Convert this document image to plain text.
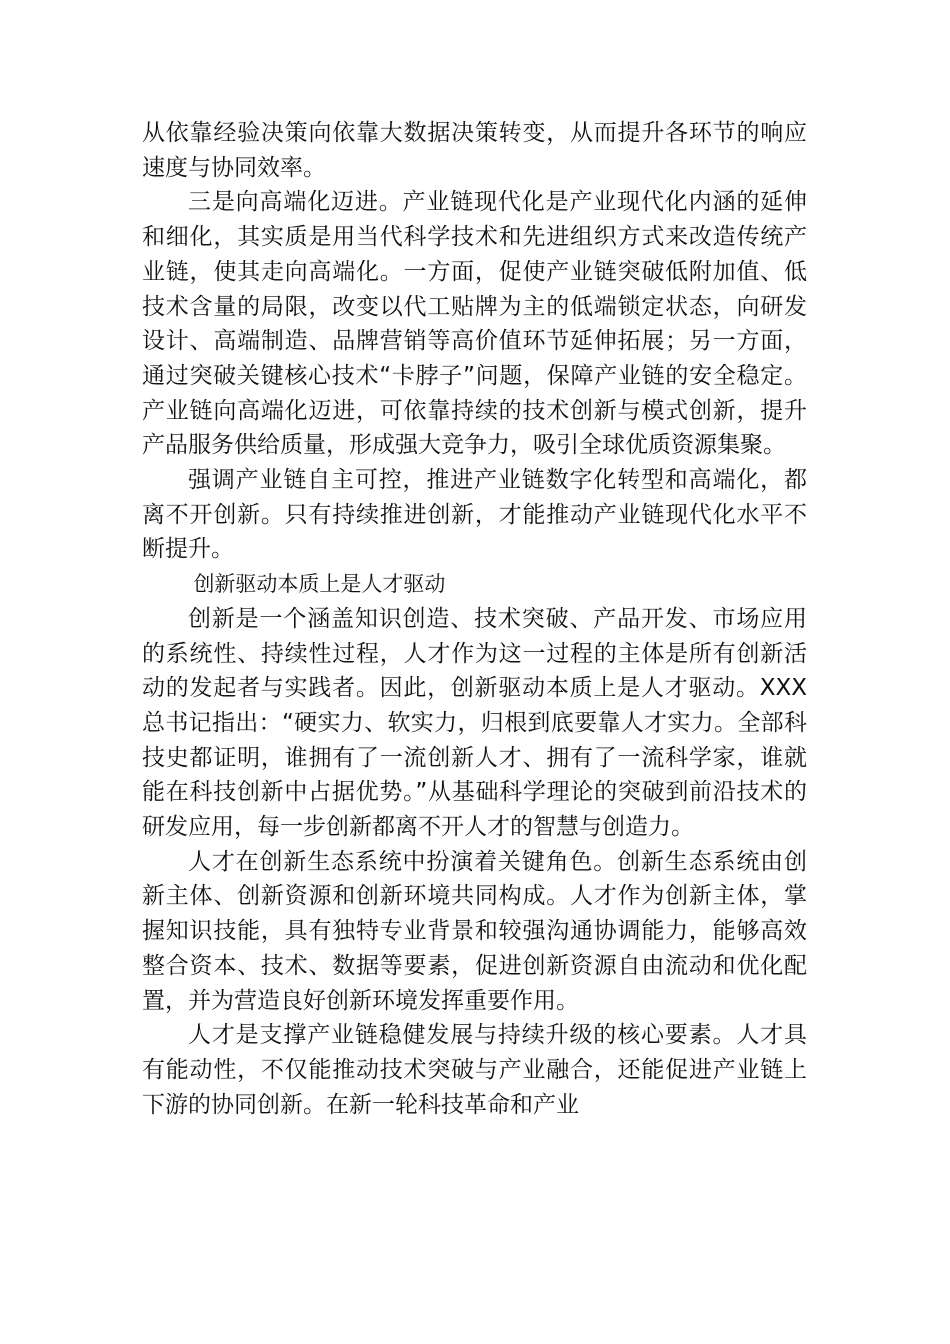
从依靠经验决策向依靠大数据决策转变，从而提升各环节的响应速度与协同效率。

三是向高端化迈进。产业链现代化是产业现代化内涵的延伸和细化，其实质是用当代科学技术和先进组织方式来改造传统产业链，使其走向高端化。一方面，促使产业链突破低附加值、低技术含量的局限，改变以代工贴牌为主的低端锁定状态，向研发设计、高端制造、品牌营销等高价值环节延伸拓展；另一方面，通过突破关键核心技术“卡脖子”问题，保障产业链的安全稳定。产业链向高端化迈进，可依靠持续的技术创新与模式创新，提升产品服务供给质量，形成强大竞争力，吸引全球优质资源集聚。

强调产业链自主可控，推进产业链数字化转型和高端化，都离不开创新。只有持续推进创新，才能推动产业链现代化水平不断提升。

创新驱动本质上是人才驱动

创新是一个涵盖知识创造、技术突破、产品开发、市场应用的系统性、持续性过程，人才作为这一过程的主体是所有创新活动的发起者与实践者。因此，创新驱动本质上是人才驱动。XXX总书记指出：“硬实力、软实力，归根到底要靠人才实力。全部科技史都证明，谁拥有了一流创新人才、拥有了一流科学家，谁就能在科技创新中占据优势。”从基础科学理论的突破到前沿技术的研发应用，每一步创新都离不开人才的智慧与创造力。

人才在创新生态系统中扮演着关键角色。创新生态系统由创新主体、创新资源和创新环境共同构成。人才作为创新主体，掌握知识技能，具有独特专业背景和较强沟通协调能力，能够高效整合资本、技术、数据等要素，促进创新资源自由流动和优化配置，并为营造良好创新环境发挥重要作用。

人才是支撑产业链稳健发展与持续升级的核心要素。人才具有能动性，不仅能推动技术突破与产业融合，还能促进产业链上下游的协同创新。在新一轮科技革命和产业
